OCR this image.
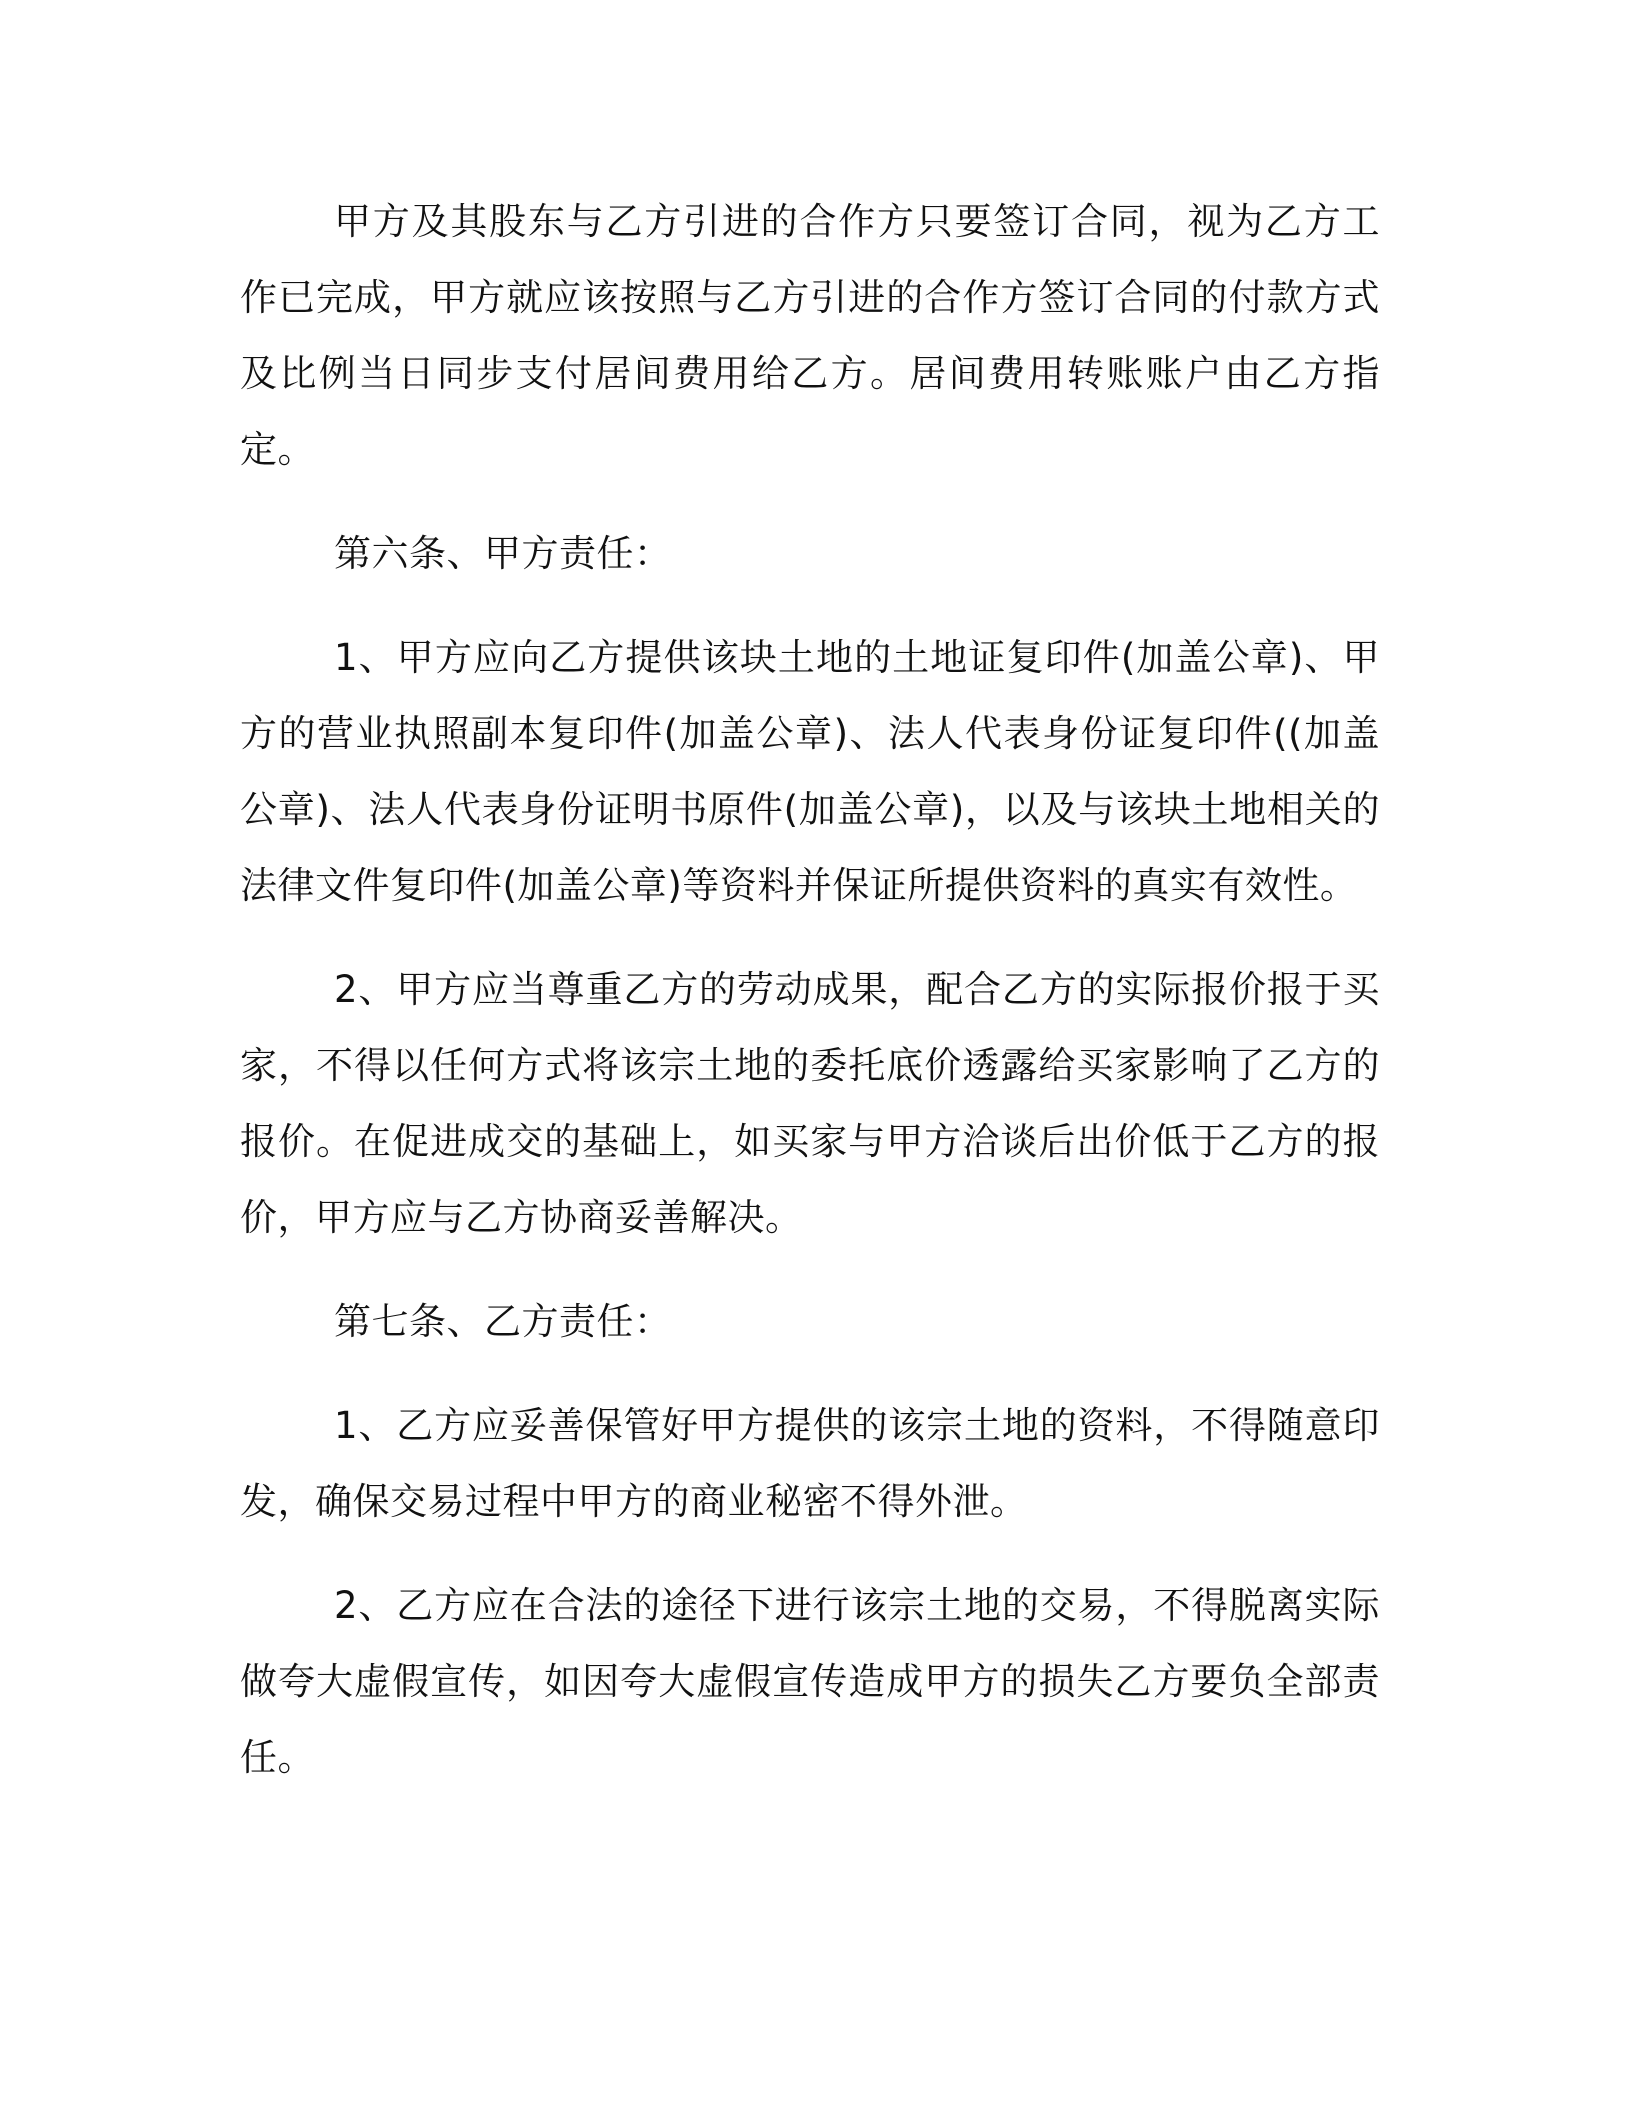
甲方及其股东与乙方引进的合作方只要签订合同，视为乙方工作已完成，甲方就应该按照与乙方引进的合作方签订合同的付款方式及比例当日同步支付居间费用给乙方。居间费用转账账户由乙方指定。

第六条、甲方责任：

1、甲方应向乙方提供该块土地的土地证复印件(加盖公章)、甲方的营业执照副本复印件(加盖公章)、法人代表身份证复印件((加盖公章)、法人代表身份证明书原件(加盖公章)，以及与该块土地相关的法律文件复印件(加盖公章)等资料并保证所提供资料的真实有效性。

2、甲方应当尊重乙方的劳动成果，配合乙方的实际报价报于买家，不得以任何方式将该宗土地的委托底价透露给买家影响了乙方的报价。在促进成交的基础上，如买家与甲方洽谈后出价低于乙方的报价，甲方应与乙方协商妥善解决。

第七条、乙方责任：

1、乙方应妥善保管好甲方提供的该宗土地的资料，不得随意印发，确保交易过程中甲方的商业秘密不得外泄。

2、乙方应在合法的途径下进行该宗土地的交易，不得脱离实际做夸大虚假宣传，如因夸大虚假宣传造成甲方的损失乙方要负全部责任。
